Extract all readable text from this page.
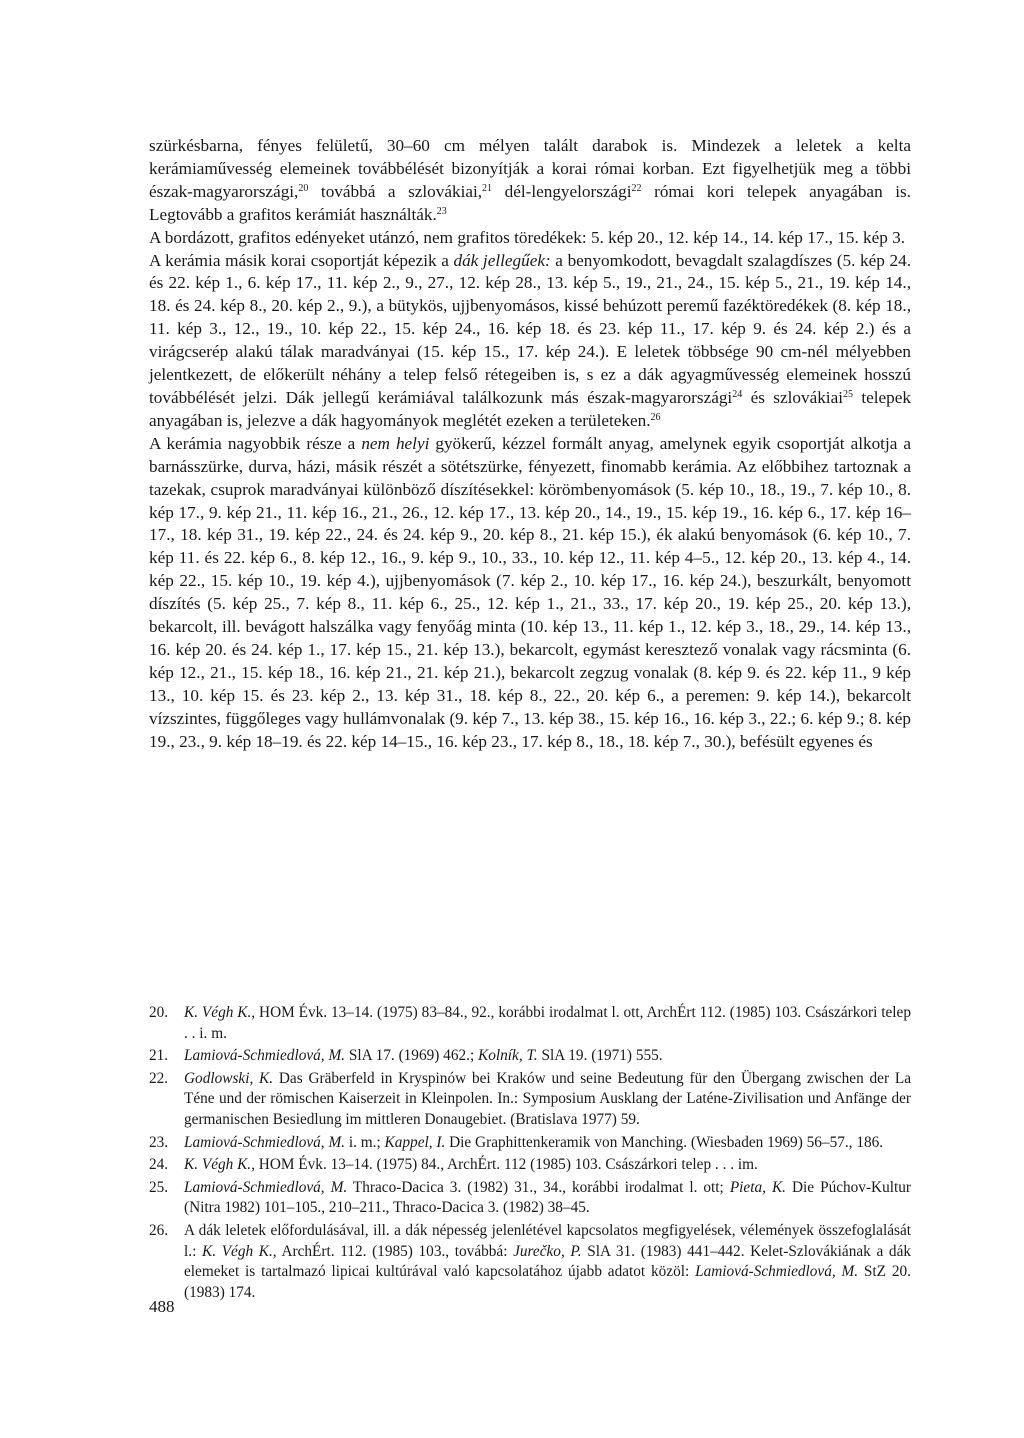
szürkésbarna, fényes felületű, 30–60 cm mélyen talált darabok is. Mindezek a leletek a kelta kerámiaművesség elemeinek továbbélését bizonyítják a korai római korban. Ezt figyelhetjük meg a többi észak-magyarországi,$^{20}$ továbbá a szlovákiai,$^{21}$ dél-lengyelországi$^{22}$ római kori telepek anyagában is. Legtovább a grafitos kerámiát használták.$^{23}$

A bordázott, grafitos edényeket utánzó, nem grafitos töredékek: 5. kép 20., 12. kép 14., 14. kép 17., 15. kép 3.

A kerámia másik korai csoportját képezik a dák jellegűek: a benyomkodott, bevagdalt szalagdíszes (5. kép 24. és 22. kép 1., 6. kép 17., 11. kép 2., 9., 27., 12. kép 28., 13. kép 5., 19., 21., 24., 15. kép 5., 21., 19. kép 14., 18. és 24. kép 8., 20. kép 2., 9.), a bütykös, ujjbenyomásos, kissé behúzott peremű fazéktöredékek (8. kép 18., 11. kép 3., 12., 19., 10. kép 22., 15. kép 24., 16. kép 18. és 23. kép 11., 17. kép 9. és 24. kép 2.) és a virágcserép alakú tálak maradványai (15. kép 15., 17. kép 24.). E leletek többsége 90 cm-nél mélyebben jelentkezett, de előkerült néhány a telep felső rétegeiben is, s ez a dák agyagművesség elemeinek hosszú továbbélését jelzi. Dák jellegű kerámiával találkozunk más észak-magyarországi$^{24}$ és szlovákiai$^{25}$ telepek anyagában is, jelezve a dák hagyományok meglétét ezeken a területeken.$^{26}$

A kerámia nagyobbik része a nem helyi gyökerű, kézzel formált anyag, amelynek egyik csoportját alkotja a barnásszürke, durva, házi, másik részét a sötétszürke, fényezett, finomabb kerámia. Az előbbihez tartoznak a tazekak, csuprok maradványai különböző díszítésekkel: körömbenyomások (5. kép 10., 18., 19., 7. kép 10., 8. kép 17., 9. kép 21., 11. kép 16., 21., 26., 12. kép 17., 13. kép 20., 14., 19., 15. kép 19., 16. kép 6., 17. kép 16–17., 18. kép 31., 19. kép 22., 24. és 24. kép 9., 20. kép 8., 21. kép 15.), ék alakú benyomások (6. kép 10., 7. kép 11. és 22. kép 6., 8. kép 12., 16., 9. kép 9., 10., 33., 10. kép 12., 11. kép 4–5., 12. kép 20., 13. kép 4., 14. kép 22., 15. kép 10., 19. kép 4.), ujjbenyomások (7. kép 2., 10. kép 17., 16. kép 24.), beszurkált, benyomott díszítés (5. kép 25., 7. kép 8., 11. kép 6., 25., 12. kép 1., 21., 33., 17. kép 20., 19. kép 25., 20. kép 13.), bekarcolt, ill. bevágott halszálka vagy fenyőág minta (10. kép 13., 11. kép 1., 12. kép 3., 18., 29., 14. kép 13., 16. kép 20. és 24. kép 1., 17. kép 15., 21. kép 13.), bekarcolt, egymást keresztező vonalak vagy rácsminta (6. kép 12., 21., 15. kép 18., 16. kép 21., 21. kép 21.), bekarcolt zegzug vonalak (8. kép 9. és 22. kép 11., 9 kép 13., 10. kép 15. és 23. kép 2., 13. kép 31., 18. kép 8., 22., 20. kép 6., a peremen: 9. kép 14.), bekarcolt vízszintes, függőleges vagy hullámvonalak (9. kép 7., 13. kép 38., 15. kép 16., 16. kép 3., 22.; 6. kép 9.; 8. kép 19., 23., 9. kép 18–19. és 22. kép 14–15., 16. kép 23., 17. kép 8., 18., 18. kép 7., 30.), befésült egyenes és

20.	K. Végh K., HOM Évk. 13–14. (1975) 83–84., 92., korábbi irodalmat l. ott, ArchÉrt 112. (1985) 103. Császárkori telep . . i. m.
21.	Lamiová-Schmiedlová, M. SlA 17. (1969) 462.; Kolník, T. SlA 19. (1971) 555.
22.	Godlowski, K. Das Gräberfeld in Kryspinów bei Kraków und seine Bedeutung für den Übergang zwischen der La Téne und der römischen Kaiserzeit in Kleinpolen. In.: Symposium Ausklang der Laténe-Zivilisation und Anfänge der germanischen Besiedlung im mittleren Donaugebiet. (Bratislava 1977) 59.
23.	Lamiová-Schmiedlová, M. i. m.; Kappel, I. Die Graphittenkeramik von Manching. (Wiesbaden 1969) 56–57., 186.
24.	K. Végh K., HOM Évk. 13–14. (1975) 84., ArchÉrt. 112 (1985) 103. Császárkori telep . . . im.
25.	Lamiová-Schmiedlová, M. Thraco-Dacica 3. (1982) 31., 34., korábbi irodalmat l. ott; Pieta, K. Die Púchov-Kultur (Nitra 1982) 101–105., 210–211., Thraco-Dacica 3. (1982) 38–45.
26.	A dák leletek előfordulásával, ill. a dák népesség jelenlétével kapcsolatos megfigyelések, vélemények összefoglalását l.: K. Végh K., ArchÉrt. 112. (1985) 103., továbbá: Jurečko, P. SlA 31. (1983) 441–442. Kelet-Szlovákiának a dák elemeket is tartalmazó lipicai kultúrával való kapcsolatához újabb adatot közöl: Lamiová-Schmiedlová, M. StZ 20. (1983) 174.
488
